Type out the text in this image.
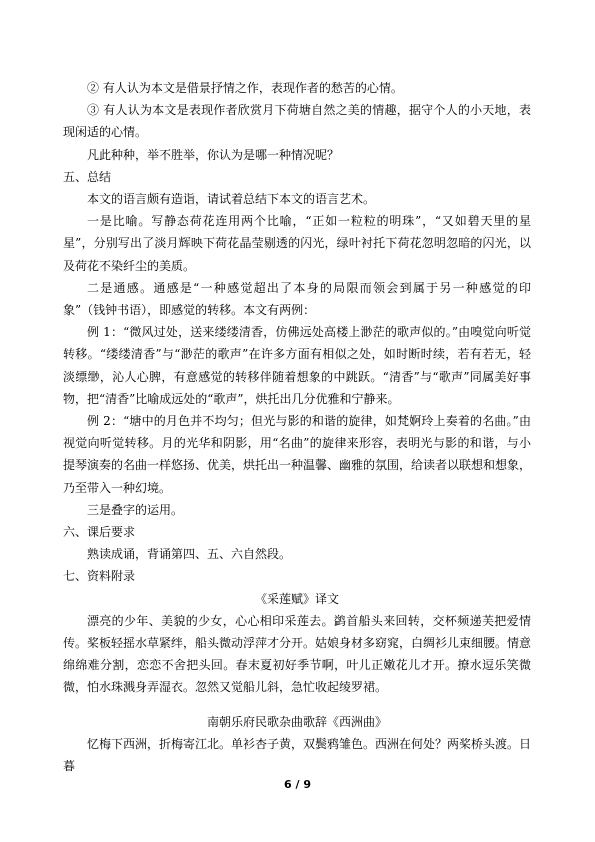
② 有人认为本文是借景抒情之作，表现作者的愁苦的心情。

③ 有人认为本文是表现作者欣赏月下荷塘自然之美的情趣，据守个人的小天地，表现闲适的心情。

凡此种种，举不胜举，你认为是哪一种情况呢？

五、总结

本文的语言颇有造诣，请试着总结下本文的语言艺术。

一是比喻。写静态荷花连用两个比喻，“正如一粒粒的明珠”，“又如碧天里的星星”，分别写出了淡月辉映下荷花晶莹剔透的闪光，绿叶衬托下荷花忽明忽暗的闪光，以及荷花不染纤尘的美质。

二是通感。通感是“一种感觉超出了本身的局限而领会到属于另一种感觉的印象”（钱钟书语），即感觉的转移。本文有两例：

例 1：“微风过处，送来缕缕清香，仿佛远处高楼上渺茫的歌声似的。”由嗅觉向听觉转移。“缕缕清香”与“渺茫的歌声”在许多方面有相似之处，如时断时续，若有若无，轻淡缥缈，沁人心脾，有意感觉的转移伴随着想象的中跳跃。“清香”与“歌声”同属美好事物，把“清香”比喻成远处的“歌声”，烘托出几分优雅和宁静来。

例 2：“塘中的月色并不均匀；但光与影的和谐的旋律，如梵婀玲上奏着的名曲。”由视觉向听觉转移。月的光华和阴影，用“名曲”的旋律来形容，表明光与影的和谐，与小提琴演奏的名曲一样悠扬、优美，烘托出一种温馨、幽雅的氛围，给读者以联想和想象，乃至带入一种幻境。

三是叠字的运用。

六、课后要求

熟读成诵，背诵第四、五、六自然段。

七、资料附录

《采莲赋》译文

漂亮的少年、美貌的少女，心心相印采莲去。鹢首船头来回转，交杯频递芙把爱情传。桨板轻摇水草紧绊，船头微动浮萍才分开。姑娘身材多窈窕，白绸衫儿束细腰。情意绵绵难分割，恋恋不舍把头回。春末夏初好季节啊，叶儿正嫩花儿才开。撩水逗乐笑微微，怕水珠溅身弄湿衣。忽然又觉船儿斜，急忙收起绫罗裙。

南朝乐府民歌杂曲歌辞《西洲曲》

忆梅下西洲，折梅寄江北。单衫杏子黄，双鬓鸦雏色。西洲在何处？两桨桥头渡。日暮

6 / 9
